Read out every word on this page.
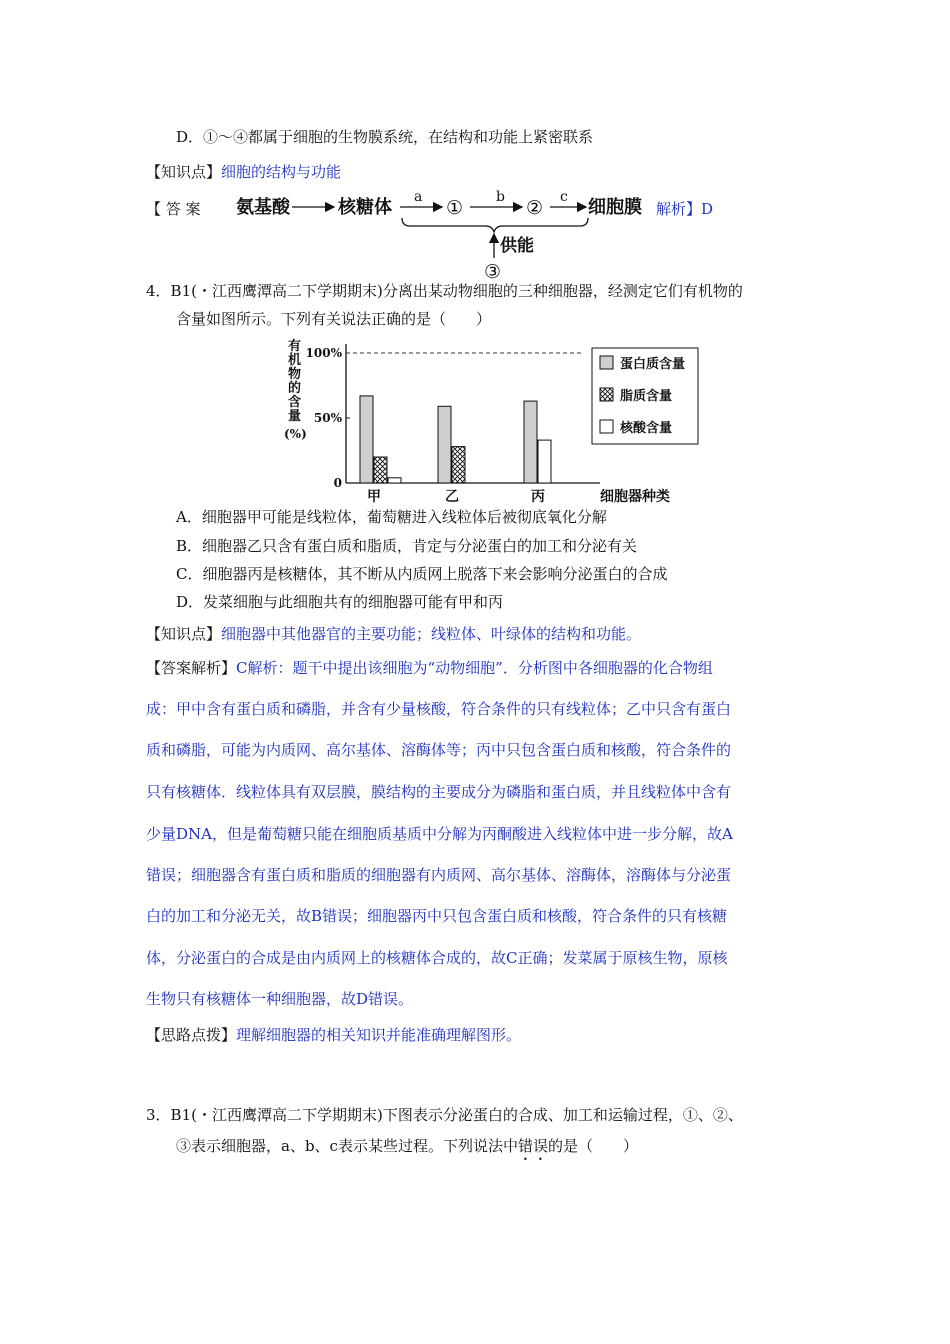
D．①～④都属于细胞的生物膜系统，在结构和功能上紧密联系
【知识点】细胞的结构与功能
【 答 案 氨基酸	核糖体 a ① b ② c 细胞膜
供能
③
解析】D
4．B1(・江西鹰潭高二下学期期末)分离出某动物细胞的三种细胞器，经测定它们有机物的
含量如图所示。下列有关说法正确的是（　　）
有
机
物
的
含
量
(%)
0
50%
100%
甲	乙	丙	细胞器种类
蛋白质含量
脂质含量
核酸含量
A．细胞器甲可能是线粒体，葡萄糖进入线粒体后被彻底氧化分解
B．细胞器乙只含有蛋白质和脂质，肯定与分泌蛋白的加工和分泌有关
C．细胞器丙是核糖体，其不断从内质网上脱落下来会影响分泌蛋白的合成
D．发菜细胞与此细胞共有的细胞器可能有甲和丙
【知识点】细胞器中其他器官的主要功能；线粒体、叶绿体的结构和功能。
【答案解析】C解析：题干中提出该细胞为“动物细胞”．分析图中各细胞器的化合物组
成：甲中含有蛋白质和磷脂，并含有少量核酸，符合条件的只有线粒体；乙中只含有蛋白
质和磷脂，可能为内质网、高尔基体、溶酶体等；丙中只包含蛋白质和核酸，符合条件的
只有核糖体．线粒体具有双层膜，膜结构的主要成分为磷脂和蛋白质，并且线粒体中含有
少量DNA，但是葡萄糖只能在细胞质基质中分解为丙酮酸进入线粒体中进一步分解，故A
错误；细胞器含有蛋白质和脂质的细胞器有内质网、高尔基体、溶酶体，溶酶体与分泌蛋
白的加工和分泌无关，故B错误；细胞器丙中只包含蛋白质和核酸，符合条件的只有核糖
体，分泌蛋白的合成是由内质网上的核糖体合成的，故C正确；发菜属于原核生物，原核
生物只有核糖体一种细胞器，故D错误。
【思路点拨】理解细胞器的相关知识并能准确理解图形。
3．B1(・江西鹰潭高二下学期期末)下图表示分泌蛋白的合成、加工和运输过程，①、②、
③表示细胞器，a、b、c表示某些过程。下列说法中错误的是（　　）
